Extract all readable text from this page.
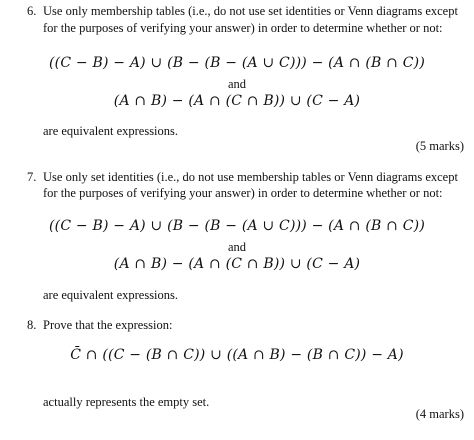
6. Use only membership tables (i.e., do not use set identities or Venn diagrams except
for the purposes of verifying your answer) in order to determine whether or not:
((C − B) − A) ∪ (B − (B − (A ∪ C))) − (A ∩ (B ∩ C))
and
(A ∩ B) − (A ∩ (C ∩ B)) ∪ (C − A)
are equivalent expressions.
(5 marks)
7. Use only set identities (i.e., do not use membership tables or Venn diagrams except
for the purposes of verifying your answer) in order to determine whether or not:
((C − B) − A) ∪ (B − (B − (A ∪ C))) − (A ∩ (B ∩ C))
and
(A ∩ B) − (A ∩ (C ∩ B)) ∪ (C − A)
are equivalent expressions.
8. Prove that the expression:
C̄ ∩ ((C − (B ∩ C)) ∪ ((A ∩ B) − (B ∩ C)) − A)
actually represents the empty set.
(4 marks)
